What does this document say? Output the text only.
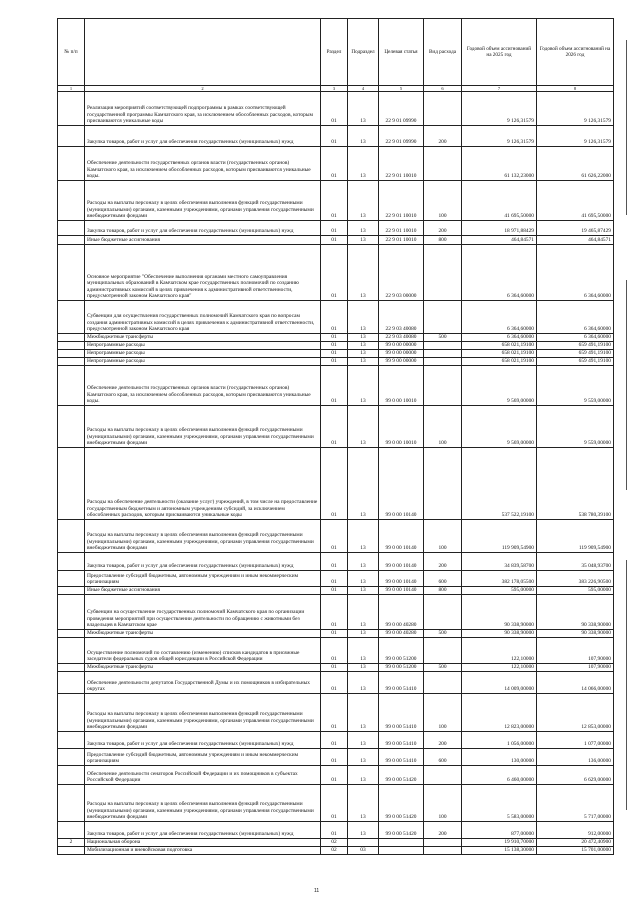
№ п/п		Раздел	Подраздел	Целевая статья	Вид расхода	Годовой объем ассигнований на 2025 год	Годовой объем ассигнований на 2026 год
1	2	3	4	5	6	7	8
	Реализация мероприятий соответствующей подпрограммы в рамках соответствующей государственной программы Камчатского края, за исключением обособленных расходов, которым присваиваются уникальные коды	01	13	22 9 01 09990		9 126,31579	9 126,31579
	Закупка товаров, работ и услуг для обеспечения государственных (муниципальных) нужд	01	13	22 9 01 09990	200	9 126,31579	9 126,31579
	Обеспечение деятельности государственных органов власти (государственных органов) Камчатского края, за исключением обособленных расходов, которым присваиваются уникальные коды.	01	13	22 9 01 10010		61 132,23000	61 626,22000
	Расходы на выплаты персоналу в целях обеспечения выполнения функций государственными (муниципальными) органами, казенными учреждениями, органами управления государственными внебюджетными фондами	01	13	22 9 01 10010	100	41 695,50000	41 695,50000
	Закупка товаров, работ и услуг для обеспечения государственных (муниципальных) нужд	01	13	22 9 01 10010	200	18 971,88429	19 465,87429
	Иные бюджетные ассигнования	01	13	22 9 01 10010	800	464,84571	464,84571
	Основное мероприятие "Обеспечение выполнения органами местного самоуправления муниципальных образований в Камчатском крае государственных полномочий по созданию административных комиссий в целях привлечения к административной ответственности, предусмотренной законом Камчатского края"	01	13	22 9 03 00000		6 364,60000	6 364,60000
	Субвенции для осуществления государственных полномочий Камчатского края по вопросам создания административных комиссий в целях привлечения к административной ответственности, предусмотренной законом Камчатского края	01	13	22 9 03 40080		6 364,60000	6 364,60000
	Межбюджетные трансферты	01	13	22 9 03 40080	500	6 364,60000	6 364,60000
	Непрограммные расходы	01	13	99 0 00 00000		658 021,19100	659 491,19100
	Непрограммные расходы	01	13	99 0 00 00000		658 021,19100	659 491,19100
	Непрограммные расходы	01	13	99 9 00 00000		658 021,19100	659 491,19100
	Обеспечение деятельности государственных органов власти (государственных органов) Камчатского края, за исключением обособленных расходов, которым присваиваются уникальные коды.	01	13	99 0 00 10010		9 569,00000	9 559,00000
	Расходы на выплаты персоналу в целях обеспечения выполнения функций государственными (муниципальными) органами, казенными учреждениями, органами управления государственными внебюджетными фондами	01	13	99 0 00 10010	100	9 569,00000	9 559,00000
	Расходы на обеспечение деятельности (оказание услуг) учреждений, в том числе на предоставление государственным бюджетным и автономным учреждениям субсидий, за исключением обособленных расходов, которым присваиваются уникальные коды	01	13	99 0 00 10140		537 522,19100	538 780,39100
	Расходы на выплаты персоналу в целях обеспечения выполнения функций государственными (муниципальными) органами, казенными учреждениями, органами управления государственными внебюджетными фондами	01	13	99 0 00 10140	100	119 909,54900	119 909,54900
	Закупка товаров, работ и услуг для обеспечения государственных (муниципальных) нужд	01	13	99 0 00 10140	200	34 839,58700	35 048,93700
	Предоставление субсидий бюджетным, автономным учреждениям и иным некоммерческим организациям	01	13	99 0 00 10140	600	382 178,05500	383 226,90500
	Иные бюджетные ассигнования	01	13	99 0 00 10140	800	595,00000	595,00000
	Субвенции на осуществление государственных полномочий Камчатского края по организации проведения мероприятий при осуществлении деятельности по обращению с животными без владельцев в Камчатском крае	01	13	99 0 00 40280		90 338,90000	90 338,90000
	Межбюджетные трансферты	01	13	99 0 00 40280	500	90 338,90000	90 338,90000
	Осуществление полномочий по составлению (изменению) списков кандидатов в присяжные заседатели федеральных судов общей юрисдикции в Российской Федерации	01	13	99 0 00 51200		122,10000	107,90000
	Межбюджетные трансферты	01	13	99 0 00 51200	500	122,10000	107,90000
	Обеспечение деятельности депутатов Государственной Думы и их помощников в избирательных округах	01	13	99 0 00 51410		14 009,00000	14 066,00000
	Расходы на выплаты персоналу в целях обеспечения выполнения функций государственными (муниципальными) органами, казенными учреждениями, органами управления государственными внебюджетными фондами	01	13	99 0 00 51410	100	12 823,00000	12 853,00000
	Закупка товаров, работ и услуг для обеспечения государственных (муниципальных) нужд	01	13	99 0 00 51410	200	1 056,00000	1 077,00000
	Предоставление субсидий бюджетным, автономным учреждениям и иным некоммерческим организациям	01	13	99 0 00 51410	600	130,00000	136,00000
	Обеспечение деятельности сенаторов Российской Федерации и их помощников в субъектах Российской Федерации	01	13	99 0 00 51420		6 460,00000	6 629,00000
	Расходы на выплаты персоналу в целях обеспечения выполнения функций государственными (муниципальными) органами, казенными учреждениями, органами управления государственными внебюджетными фондами	01	13	99 0 00 51420	100	5 583,00000	5 717,00000
	Закупка товаров, работ и услуг для обеспечения государственных (муниципальных) нужд	01	13	99 0 00 51420	200	877,00000	912,00000
2	Национальная оборона	02				19 910,70000	20 472,40900
	Мобилизационная и вневойсковая подготовка	02	03			15 138,30000	15 701,00000
11
